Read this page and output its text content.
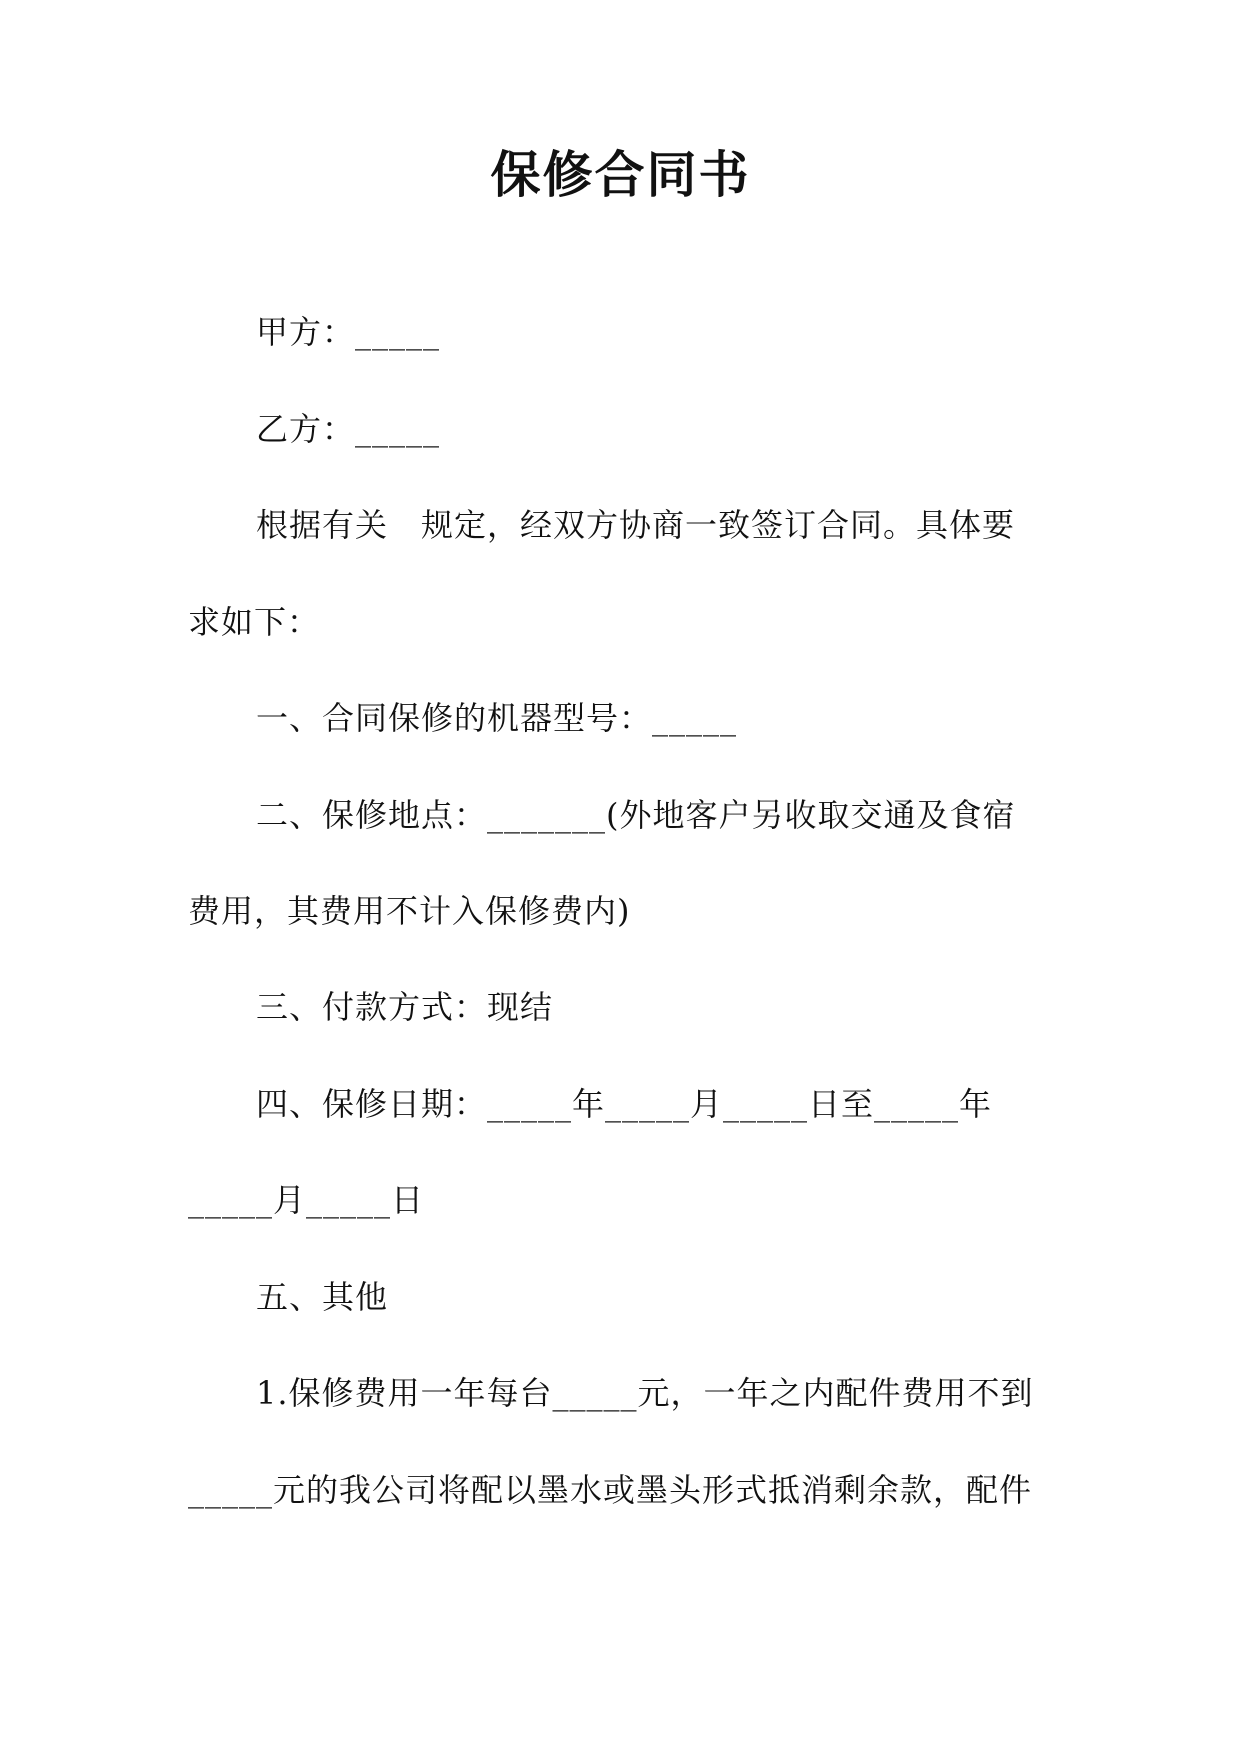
保修合同书
甲方：_____
乙方：_____
根据有关　规定，经双方协商一致签订合同。具体要
求如下：
一、合同保修的机器型号：_____
二、保修地点：_______(外地客户另收取交通及食宿
费用，其费用不计入保修费内)
三、付款方式：现结
四、保修日期：_____年_____月_____日至_____年
_____月_____日
五、其他
1.保修费用一年每台_____元，一年之内配件费用不到
_____元的我公司将配以墨水或墨头形式抵消剩余款，配件
